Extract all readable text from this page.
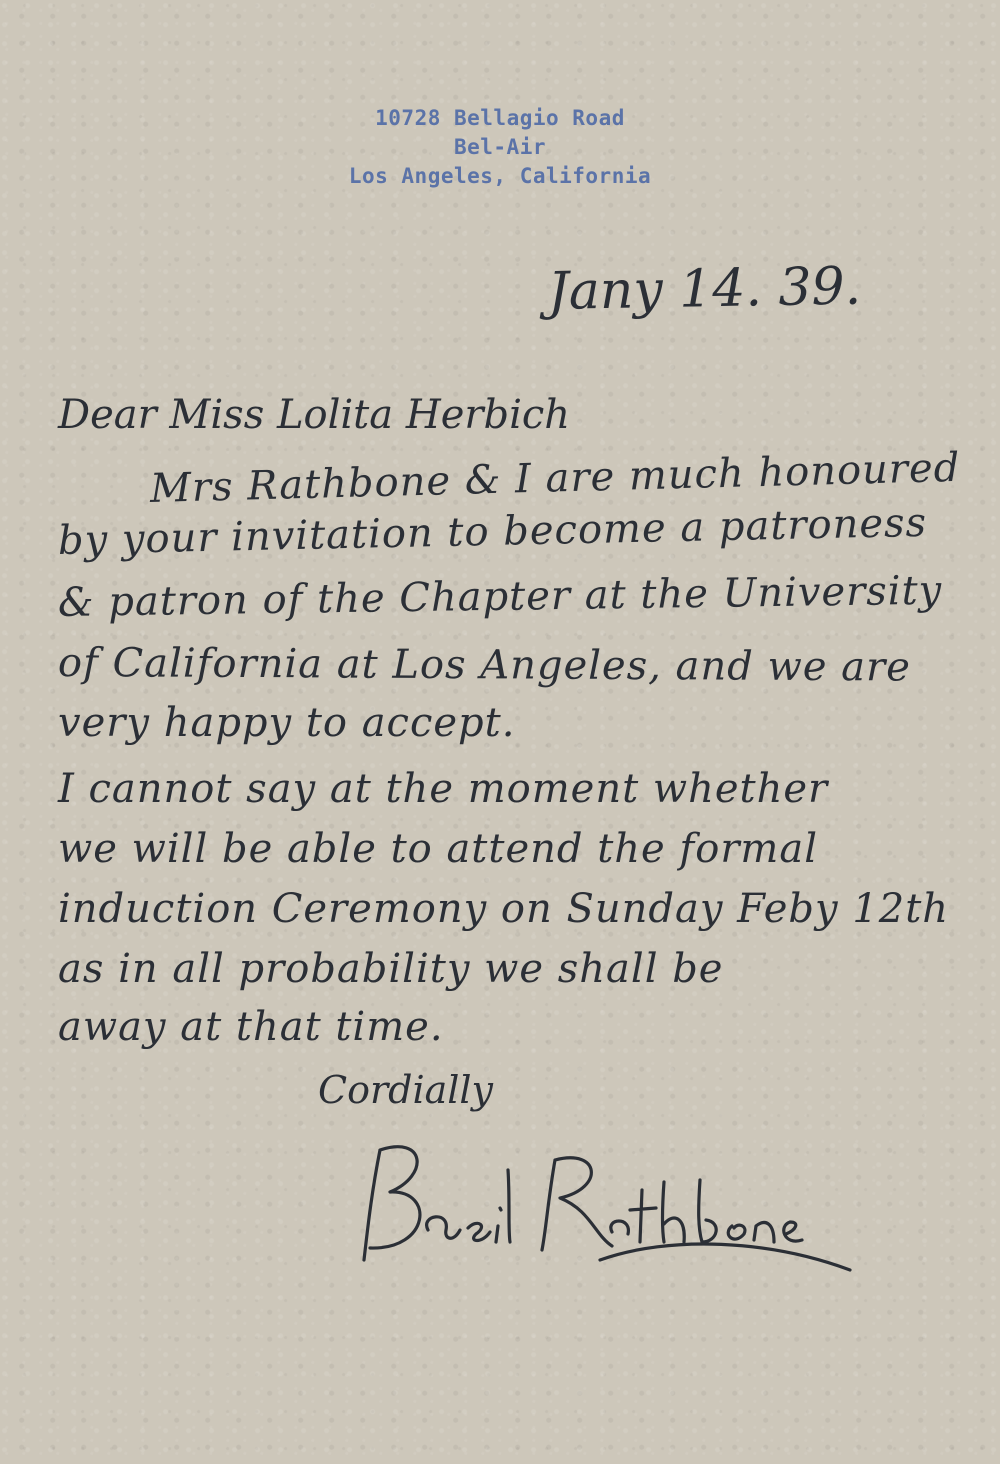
10728 Bellagio Road
Bel-Air
Los Angeles, California
Jany 14. 39.
Dear Miss Lolita Herbich
Mrs Rathbone & I are much honoured
by your invitation to become a patroness
& patron of the Chapter at the University
of California at Los Angeles, and we are
very happy to accept.
I cannot say at the moment whether
we will be able to attend the formal
induction Ceremony on Sunday Feby 12th
as in all probability we shall be
away at that time.
Cordially
